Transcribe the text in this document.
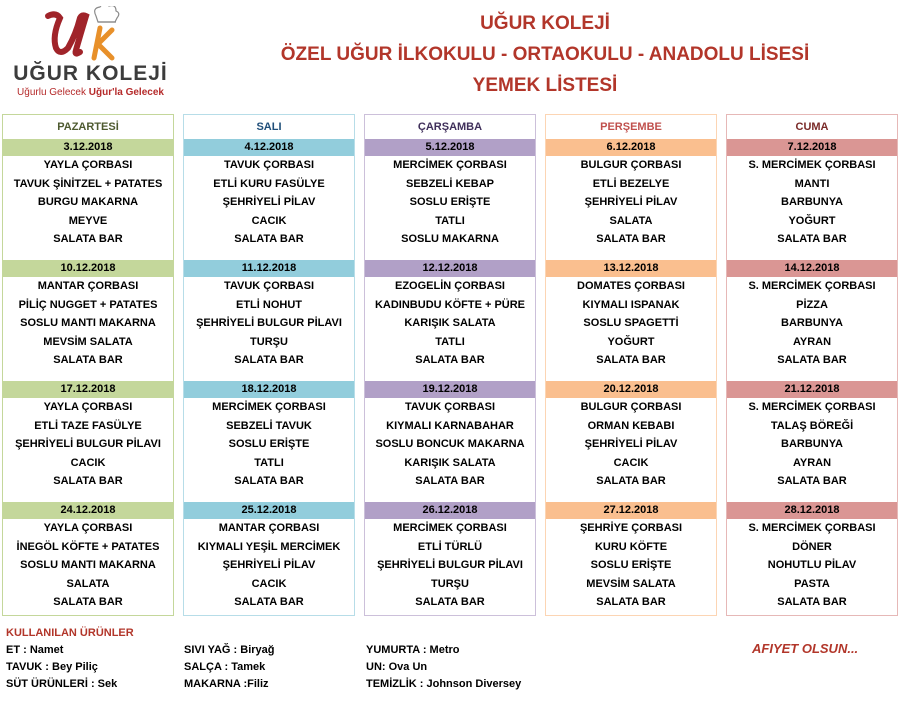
UĞUR KOLEJİ
Uğurlu Gelecek Uğur'la Gelecek
UĞUR KOLEJİ
ÖZEL UĞUR İLKOKULU - ORTAOKULU - ANADOLU LİSESİ
YEMEK LİSTESİ
PAZARTESİ
3.12.2018
YAYLA ÇORBASI
TAVUK ŞİNİTZEL + PATATES
BURGU MAKARNA
MEYVE
SALATA BAR
10.12.2018
MANTAR ÇORBASI
PİLİÇ NUGGET + PATATES
SOSLU MANTI MAKARNA
MEVSİM SALATA
SALATA BAR
17.12.2018
YAYLA ÇORBASI
ETLİ TAZE FASÜLYE
ŞEHRİYELİ BULGUR PİLAVI
CACIK
SALATA BAR
24.12.2018
YAYLA ÇORBASI
İNEGÖL KÖFTE + PATATES
SOSLU MANTI MAKARNA
SALATA
SALATA BAR
SALI
4.12.2018
TAVUK ÇORBASI
ETLİ KURU FASÜLYE
ŞEHRİYELİ PİLAV
CACIK
SALATA BAR
11.12.2018
TAVUK ÇORBASI
ETLİ NOHUT
ŞEHRİYELİ BULGUR PİLAVI
TURŞU
SALATA BAR
18.12.2018
MERCİMEK ÇORBASI
SEBZELİ TAVUK
SOSLU ERİŞTE
TATLI
SALATA BAR
25.12.2018
MANTAR ÇORBASI
KIYMALI YEŞİL MERCİMEK
ŞEHRİYELİ PİLAV
CACIK
SALATA BAR
ÇARŞAMBA
5.12.2018
MERCİMEK ÇORBASI
SEBZELİ KEBAP
SOSLU ERİŞTE
TATLI
SOSLU MAKARNA
12.12.2018
EZOGELİN ÇORBASI
KADINBUDU KÖFTE + PÜRE
KARIŞIK SALATA
TATLI
SALATA BAR
19.12.2018
TAVUK ÇORBASI
KIYMALI KARNABAHAR
SOSLU BONCUK MAKARNA
KARIŞIK SALATA
SALATA BAR
26.12.2018
MERCİMEK ÇORBASI
ETLİ TÜRLÜ
ŞEHRİYELİ BULGUR PİLAVI
TURŞU
SALATA BAR
PERŞEMBE
6.12.2018
BULGUR ÇORBASI
ETLİ BEZELYE
ŞEHRİYELİ PİLAV
SALATA
SALATA BAR
13.12.2018
DOMATES ÇORBASI
KIYMALI ISPANAK
SOSLU SPAGETTİ
YOĞURT
SALATA BAR
20.12.2018
BULGUR ÇORBASI
ORMAN KEBABI
ŞEHRİYELİ PİLAV
CACIK
SALATA BAR
27.12.2018
ŞEHRİYE ÇORBASI
KURU KÖFTE
SOSLU ERİŞTE
MEVSİM SALATA
SALATA BAR
CUMA
7.12.2018
S. MERCİMEK ÇORBASI
MANTI
BARBUNYA
YOĞURT
SALATA BAR
14.12.2018
S. MERCİMEK ÇORBASI
PİZZA
BARBUNYA
AYRAN
SALATA BAR
21.12.2018
S. MERCİMEK ÇORBASI
TALAŞ BÖREĞİ
BARBUNYA
AYRAN
SALATA BAR
28.12.2018
S. MERCİMEK ÇORBASI
DÖNER
NOHUTLU PİLAV
PASTA
SALATA BAR
KULLANILAN ÜRÜNLER
ET : Namet
TAVUK : Bey Piliç
SÜT ÜRÜNLERİ : Sek
SIVI YAĞ : Biryağ
SALÇA : Tamek
MAKARNA :Filiz
YUMURTA : Metro
UN: Ova Un
TEMİZLİK : Johnson Diversey
AFIYET OLSUN...
